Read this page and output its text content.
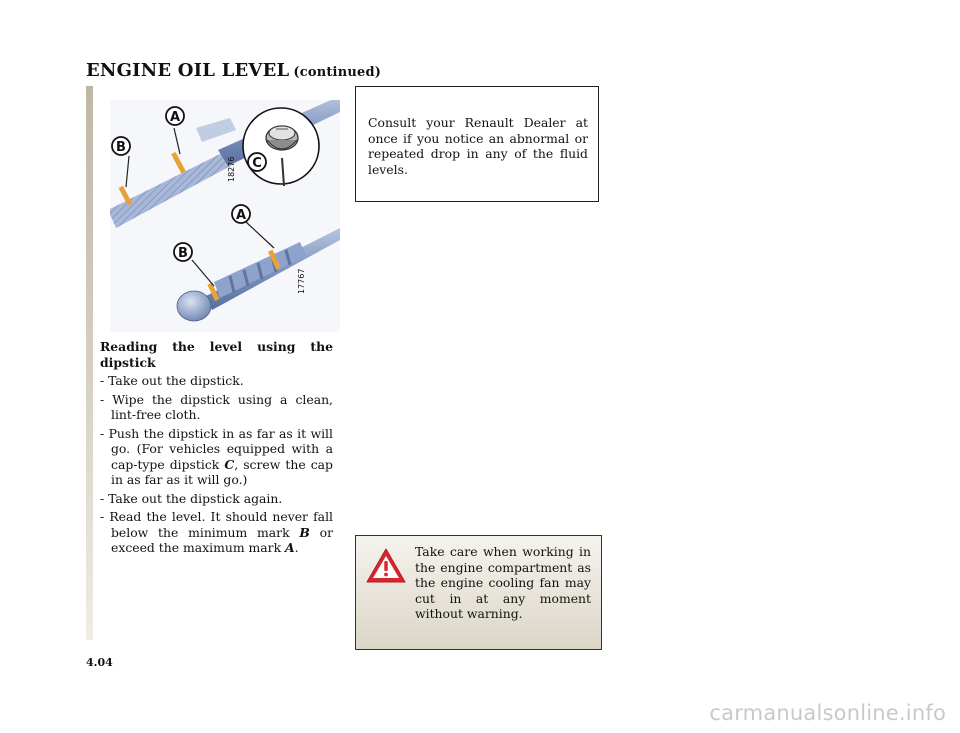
ENGINE OIL LEVEL (continued)
A
B
C
18276
A
B
17767
Reading the level using the dipstick
- Take out the dipstick.
- Wipe the dipstick using a clean, lint-free cloth.
- Push the dipstick in as far as it will go. (For vehicles equipped with a cap-type dipstick C, screw the cap in as far as it will go.)
- Take out the dipstick again.
- Read the level. It should never fall below the minimum mark B or exceed the maximum mark A.
Consult your Renault Dealer at once if you notice an abnormal or repeated drop in any of the fluid levels.
Take care when working in the engine compartment as the engine cooling fan may cut in at any moment without warning.
4.04
carmanualsonline.info
